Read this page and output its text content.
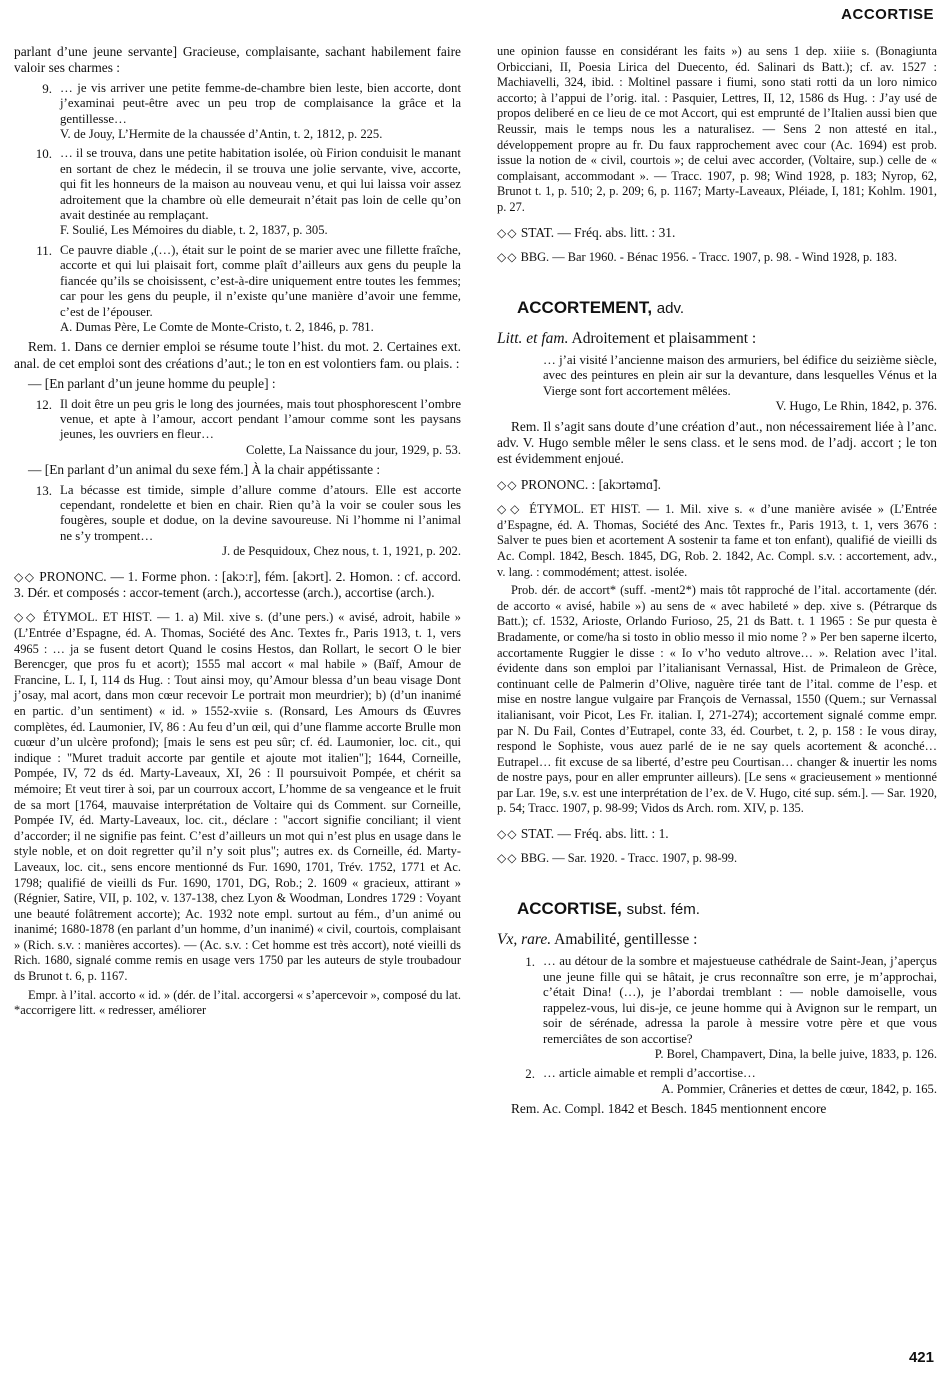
ACCORTISE

parlant d’une jeune servante] Gracieuse, complaisante, sachant habilement faire valoir ses charmes :

9. … je vis arriver une petite femme-de-chambre bien leste, bien accorte, dont j’examinai peut-être avec un peu trop de complaisance la grâce et la gentillesse…
V. de Jouy, L’Hermite de la chaussée d’Antin, t. 2, 1812, p. 225.
10. … il se trouva, dans une petite habitation isolée, où Firion conduisit le manant en sortant de chez le médecin, il se trouva une jolie servante, vive, accorte, qui fit les honneurs de la maison au nouveau venu, et qui lui laissa voir assez adroitement que la chambre où elle demeurait n’était pas loin de celle qu’on avait destinée au remplaçant.
F. Soulié, Les Mémoires du diable, t. 2, 1837, p. 305.
11. Ce pauvre diable ,(…), était sur le point de se marier avec une fillette fraîche, accorte et qui lui plaisait fort, comme plaît d’ailleurs aux gens du peuple la fiancée qu’ils se choisissent, c’est-à-dire uniquement entre toutes les femmes; car pour les gens du peuple, il n’existe qu’une manière d’avoir une femme, c’est de l’épouser.
A. Dumas Père, Le Comte de Monte-Cristo, t. 2, 1846, p. 781.

Rem. 1. Dans ce dernier emploi se résume toute l’hist. du mot. 2. Certaines ext. anal. de cet emploi sont des créations d’aut.; le ton en est volontiers fam. ou plais. :

— [En parlant d’un jeune homme du peuple] :

12. Il doit être un peu gris le long des journées, mais tout phosphorescent l’ombre venue, et apte à l’amour, accort pendant l’amour comme sont les paysans jeunes, les ouvriers en fleur…
Colette, La Naissance du jour, 1929, p. 53.

— [En parlant d’un animal du sexe fém.] À la chair appétissante :

13. La bécasse est timide, simple d’allure comme d’atours. Elle est accorte cependant, rondelette et bien en chair. Rien qu’à la voir se couler sous les fougères, souple et dodue, on la devine savoureuse. Ni l’homme ni l’animal ne s’y trompent…
J. de Pesquidoux, Chez nous, t. 1, 1921, p. 202.

◇◇ PRONONC. — 1. Forme phon. : [akɔːr], fém. [akɔrt]. 2. Homon. : cf. accord. 3. Dér. et composés : accor-tement (arch.), accortesse (arch.), accortise (arch.).

◇◇ ÉTYMOL. ET HIST. — 1. a) Mil. xive s. (d’une pers.) « avisé, adroit, habile » (L’Entrée d’Espagne, éd. A. Thomas, Société des Anc. Textes fr., Paris 1913, t. 1, vers 4965 : … ja se fusent detort Quand le cosins Hestos, dan Rollart, le secort O le bier Berencger, que pros fu et acort); 1555 mal accort « mal habile » (Baïf, Amour de Francine, L. I, I, 114 ds Hug. : Tout ainsi moy, qu’Amour blessa d’un beau visage Dont j’osay, mal acort, dans mon cœur recevoir Le portrait mon meurdrier); b) (d’un inanimé en partic. d’un sentiment) « id. » 1552-xviie s. (Ronsard, Les Amours ds Œuvres complètes, éd. Laumonier, IV, 86 : Au feu d’un œil, qui d’une flamme accorte Brulle mon cuœur d’un ulcère profond); [mais le sens est peu sûr; cf. éd. Laumonier, loc. cit., qui indique : "Muret traduit accorte par gentile et ajoute mot italien"]; 1644, Corneille, Pompée, IV, 72 ds éd. Marty-Laveaux, XI, 26 : Il poursuivoit Pompée, et chérit sa mémoire; Et veut tirer à soi, par un courroux accort, L’homme de sa vengeance et le fruit de sa mort [1764, mauvaise interprétation de Voltaire qui ds Comment. sur Corneille, Pompée IV, éd. Marty-Laveaux, loc. cit., déclare : "accort signifie conciliant; il vient d’accorder; il ne signifie pas feint. C’est d’ailleurs un mot qui n’est plus en usage dans le style noble, et on doit regretter qu’il n’y soit plus"; autres ex. ds Corneille, éd. Marty-Laveaux, loc. cit., sens encore mentionné ds Fur. 1690, 1701, Trév. 1752, 1771 et Ac. 1798; qualifié de vieilli ds Fur. 1690, 1701, DG, Rob.; 2. 1609 « gracieux, attirant » (Régnier, Satire, VII, p. 102, v. 137-138, chez Lyon & Woodman, Londres 1729 : Voyant une beauté folâtrement accorte); Ac. 1932 note empl. surtout au fém., d’un animé ou inanimé; 1680-1878 (en parlant d’un homme, d’un inanimé) « civil, courtois, complaisant » (Rich. s.v. : manières accortes). — (Ac. s.v. : Cet homme est très accort), noté vieilli ds Rich. 1680, signalé comme remis en usage vers 1750 par les auteurs de style troubadour ds Brunot t. 6, p. 1167.

Empr. à l’ital. accorto « id. » (dér. de l’ital. accorgersi « s’apercevoir », composé du lat. *accorrigere litt. « redresser, améliorer

une opinion fausse en considérant les faits ») au sens 1 dep. xiiie s. (Bonagiunta Orbicciani, II, Poesia Lirica del Duecento, éd. Salinari ds Batt.); cf. av. 1527 : Machiavelli, 324, ibid. : Moltinel passare i fiumi, sono stati rotti da un loro nimico accorto; à l’appui de l’orig. ital. : Pasquier, Lettres, II, 12, 1586 ds Hug. : J’ay usé de propos deliberé en ce lieu de ce mot Accort, qui est emprunté de l’Italien aussi bien que Reussir, mais le temps nous les a naturalisez. — Sens 2 non attesté en ital., développement propre au fr. Du faux rapprochement avec cour (Ac. 1694) est prob. issue la notion de « civil, courtois »; de celui avec accorder, (Voltaire, sup.) celle de « complaisant, accommodant ». — Tracc. 1907, p. 98; Wind 1928, p. 183; Nyrop, 62, Brunot t. 1, p. 510; 2, p. 209; 6, p. 1167; Marty-Laveaux, Pléiade, I, 181; Kohlm. 1901, p. 27.

◇◇ STAT. — Fréq. abs. litt. : 31.

◇◇ BBG. — Bar 1960. - Bénac 1956. - Tracc. 1907, p. 98. - Wind 1928, p. 183.

ACCORTEMENT, adv.

Litt. et fam. Adroitement et plaisamment :

… j’ai visité l’ancienne maison des armuriers, bel édifice du seizième siècle, avec des peintures en plein air sur la devanture, dans lesquelles Vénus et la Vierge sont fort accortement mêlées.
V. Hugo, Le Rhin, 1842, p. 376.

Rem. Il s’agit sans doute d’une création d’aut., non nécessairement liée à l’anc. adv. V. Hugo semble mêler le sens class. et le sens mod. de l’adj. accort ; le ton est évidemment enjoué.

◇◇ PRONONC. : [akɔrtəmɑ̃].

◇◇ ÉTYMOL. ET HIST. — 1. Mil. xive s. « d’une manière avisée » (L’Entrée d’Espagne, éd. A. Thomas, Société des Anc. Textes fr., Paris 1913, t. 1, vers 3676 : Salver te pues bien et acortement A sostenir ta fame et ton enfant), qualifié de vieilli ds Ac. Compl. 1842, Besch. 1845, DG, Rob. 2. 1842, Ac. Compl. s.v. : accortement, adv., v. lang. : commodément; attest. isolée.

Prob. dér. de accort* (suff. -ment2*) mais tôt rapproché de l’ital. accortamente (dér. de accorto « avisé, habile ») au sens de « avec habileté » dep. xive s. (Pétrarque ds Batt.); cf. 1532, Arioste, Orlando Furioso, 25, 21 ds Batt. t. 1 1965 : Se pur questa è Bradamente, or come/ha si tosto in oblio messo il mio nome ? » Per ben saperne ilcerto, accortamente Ruggier le disse : « Io v’ho veduto altrove… ». Relation avec l’ital. évidente dans son emploi par l’italianisant Vernassal, Hist. de Primaleon de Grèce, continuant celle de Palmerin d’Olive, naguère tirée tant de l’ital. comme de l’esp. et mise en nostre langue vulgaire par François de Vernassal, 1550 (Quem.; sur Vernassal italianisant, voir Picot, Les Fr. italian. I, 271-274); accortement signalé comme empr. par N. Du Fail, Contes d’Eutrapel, conte 33, éd. Courbet, t. 2, p. 158 : Ie vous diray, respond le Sophiste, vous auez parlé de ie ne say quels acortement & aconché… Eutrapel… fit excuse de sa liberté, d’estre peu Courtisan… changer & inuertir les noms de nostre pays, pour en aller emprunter ailleurs). [Le sens « gracieusement » mentionné par Lar. 19e, s.v. est une interprétation de l’ex. de V. Hugo, cité sup. sém.]. — Sar. 1920, p. 54; Tracc. 1907, p. 98-99; Vidos ds Arch. rom. XIV, p. 135.

◇◇ STAT. — Fréq. abs. litt. : 1.

◇◇ BBG. — Sar. 1920. - Tracc. 1907, p. 98-99.

ACCORTISE, subst. fém.

Vx, rare. Amabilité, gentillesse :

1. … au détour de la sombre et majestueuse cathédrale de Saint-Jean, j’aperçus une jeune fille qui se hâtait, je crus reconnaître son erre, je m’approchai, c’était Dina! (…), je l’abordai tremblant : — noble damoiselle, vous rappelez-vous, lui dis-je, ce jeune homme qui à Avignon sur le rempart, un soir de sérénade, adressa la parole à messire votre père et que vous remerciâtes de son accortise?
P. Borel, Champavert, Dina, la belle juive, 1833, p. 126.
2. … article aimable et rempli d’accortise…
A. Pommier, Crâneries et dettes de cœur, 1842, p. 165.

Rem. Ac. Compl. 1842 et Besch. 1845 mentionnent encore

421
